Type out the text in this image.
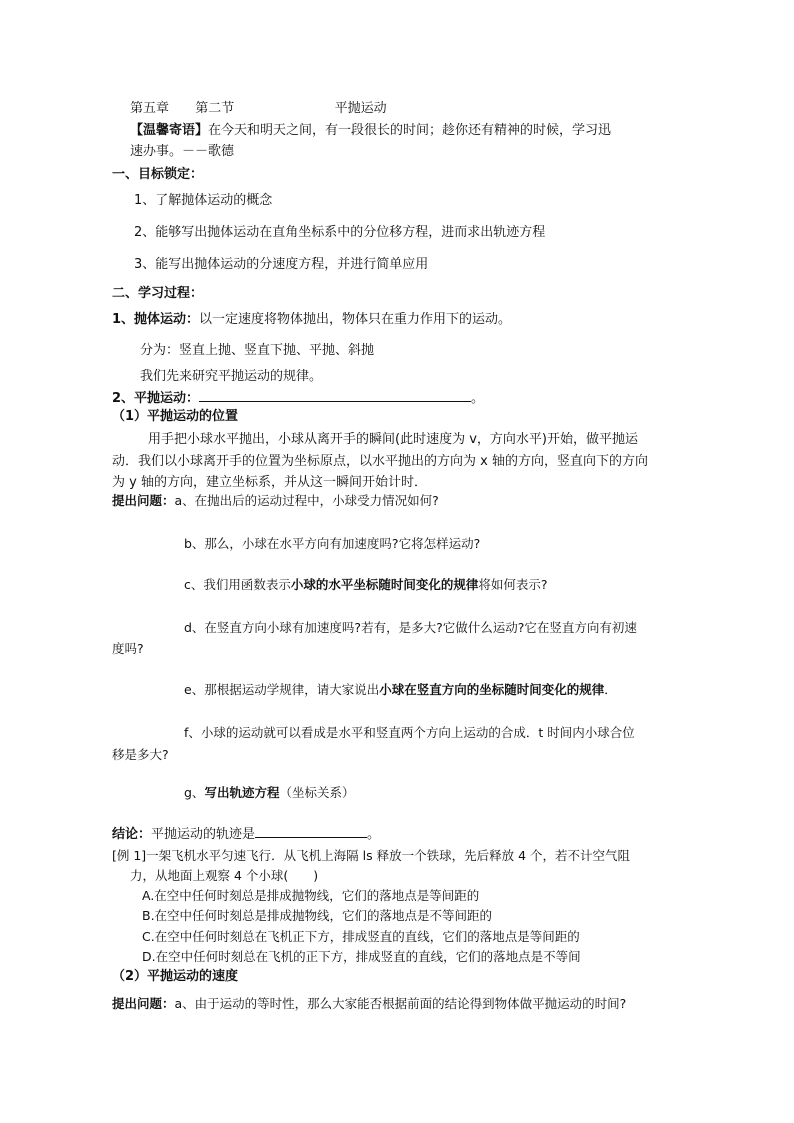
第五章 第二节	平抛运动
【温馨寄语】在今天和明天之间，有一段很长的时间；趁你还有精神的时候，学习迅
速办事。－－歌德
一、目标锁定：
1、了解抛体运动的概念
2、能够写出抛体运动在直角坐标系中的分位移方程，进而求出轨迹方程
3、能写出抛体运动的分速度方程，并进行简单应用
二、学习过程：
1、抛体运动：以一定速度将物体抛出，物体只在重力作用下的运动。
分为：竖直上抛、竖直下抛、平抛、斜抛
我们先来研究平抛运动的规律。
2、平抛运动：	。
（1）平抛运动的位置
用手把小球水平抛出，小球从离开手的瞬间(此时速度为 v，方向水平)开始，做平抛运
动．我们以小球离开手的位置为坐标原点，以水平抛出的方向为 x 轴的方向，竖直向下的方向
为 y 轴的方向，建立坐标系，并从这一瞬间开始计时．
提出问题：a、在抛出后的运动过程中，小球受力情况如何?
b、那么，小球在水平方向有加速度吗?它将怎样运动?
c、我们用函数表示小球的水平坐标随时间变化的规律将如何表示?
d、在竖直方向小球有加速度吗?若有，是多大?它做什么运动?它在竖直方向有初速
度吗?
e、那根据运动学规律，请大家说出小球在竖直方向的坐标随时间变化的规律．
f、小球的运动就可以看成是水平和竖直两个方向上运动的合成．t 时间内小球合位
移是多大?
g、写出轨迹方程（坐标关系）
结论：平抛运动的轨迹是	。
[例 1]一架飞机水平匀速飞行．从飞机上海隔 ls 释放一个铁球，先后释放 4 个，若不计空气阻
力，从地面上观察 4 个小球(　　)
A.在空中任何时刻总是排成抛物线，它们的落地点是等间距的
B.在空中任何时刻总是排成抛物线，它们的落地点是不等间距的
C.在空中任何时刻总在飞机正下方，排成竖直的直线，它们的落地点是等间距的
D.在空中任何时刻总在飞机的正下方，排成竖直的直线，它们的落地点是不等间
（2）平抛运动的速度
提出问题：a、由于运动的等时性，那么大家能否根据前面的结论得到物体做平抛运动的时间?
